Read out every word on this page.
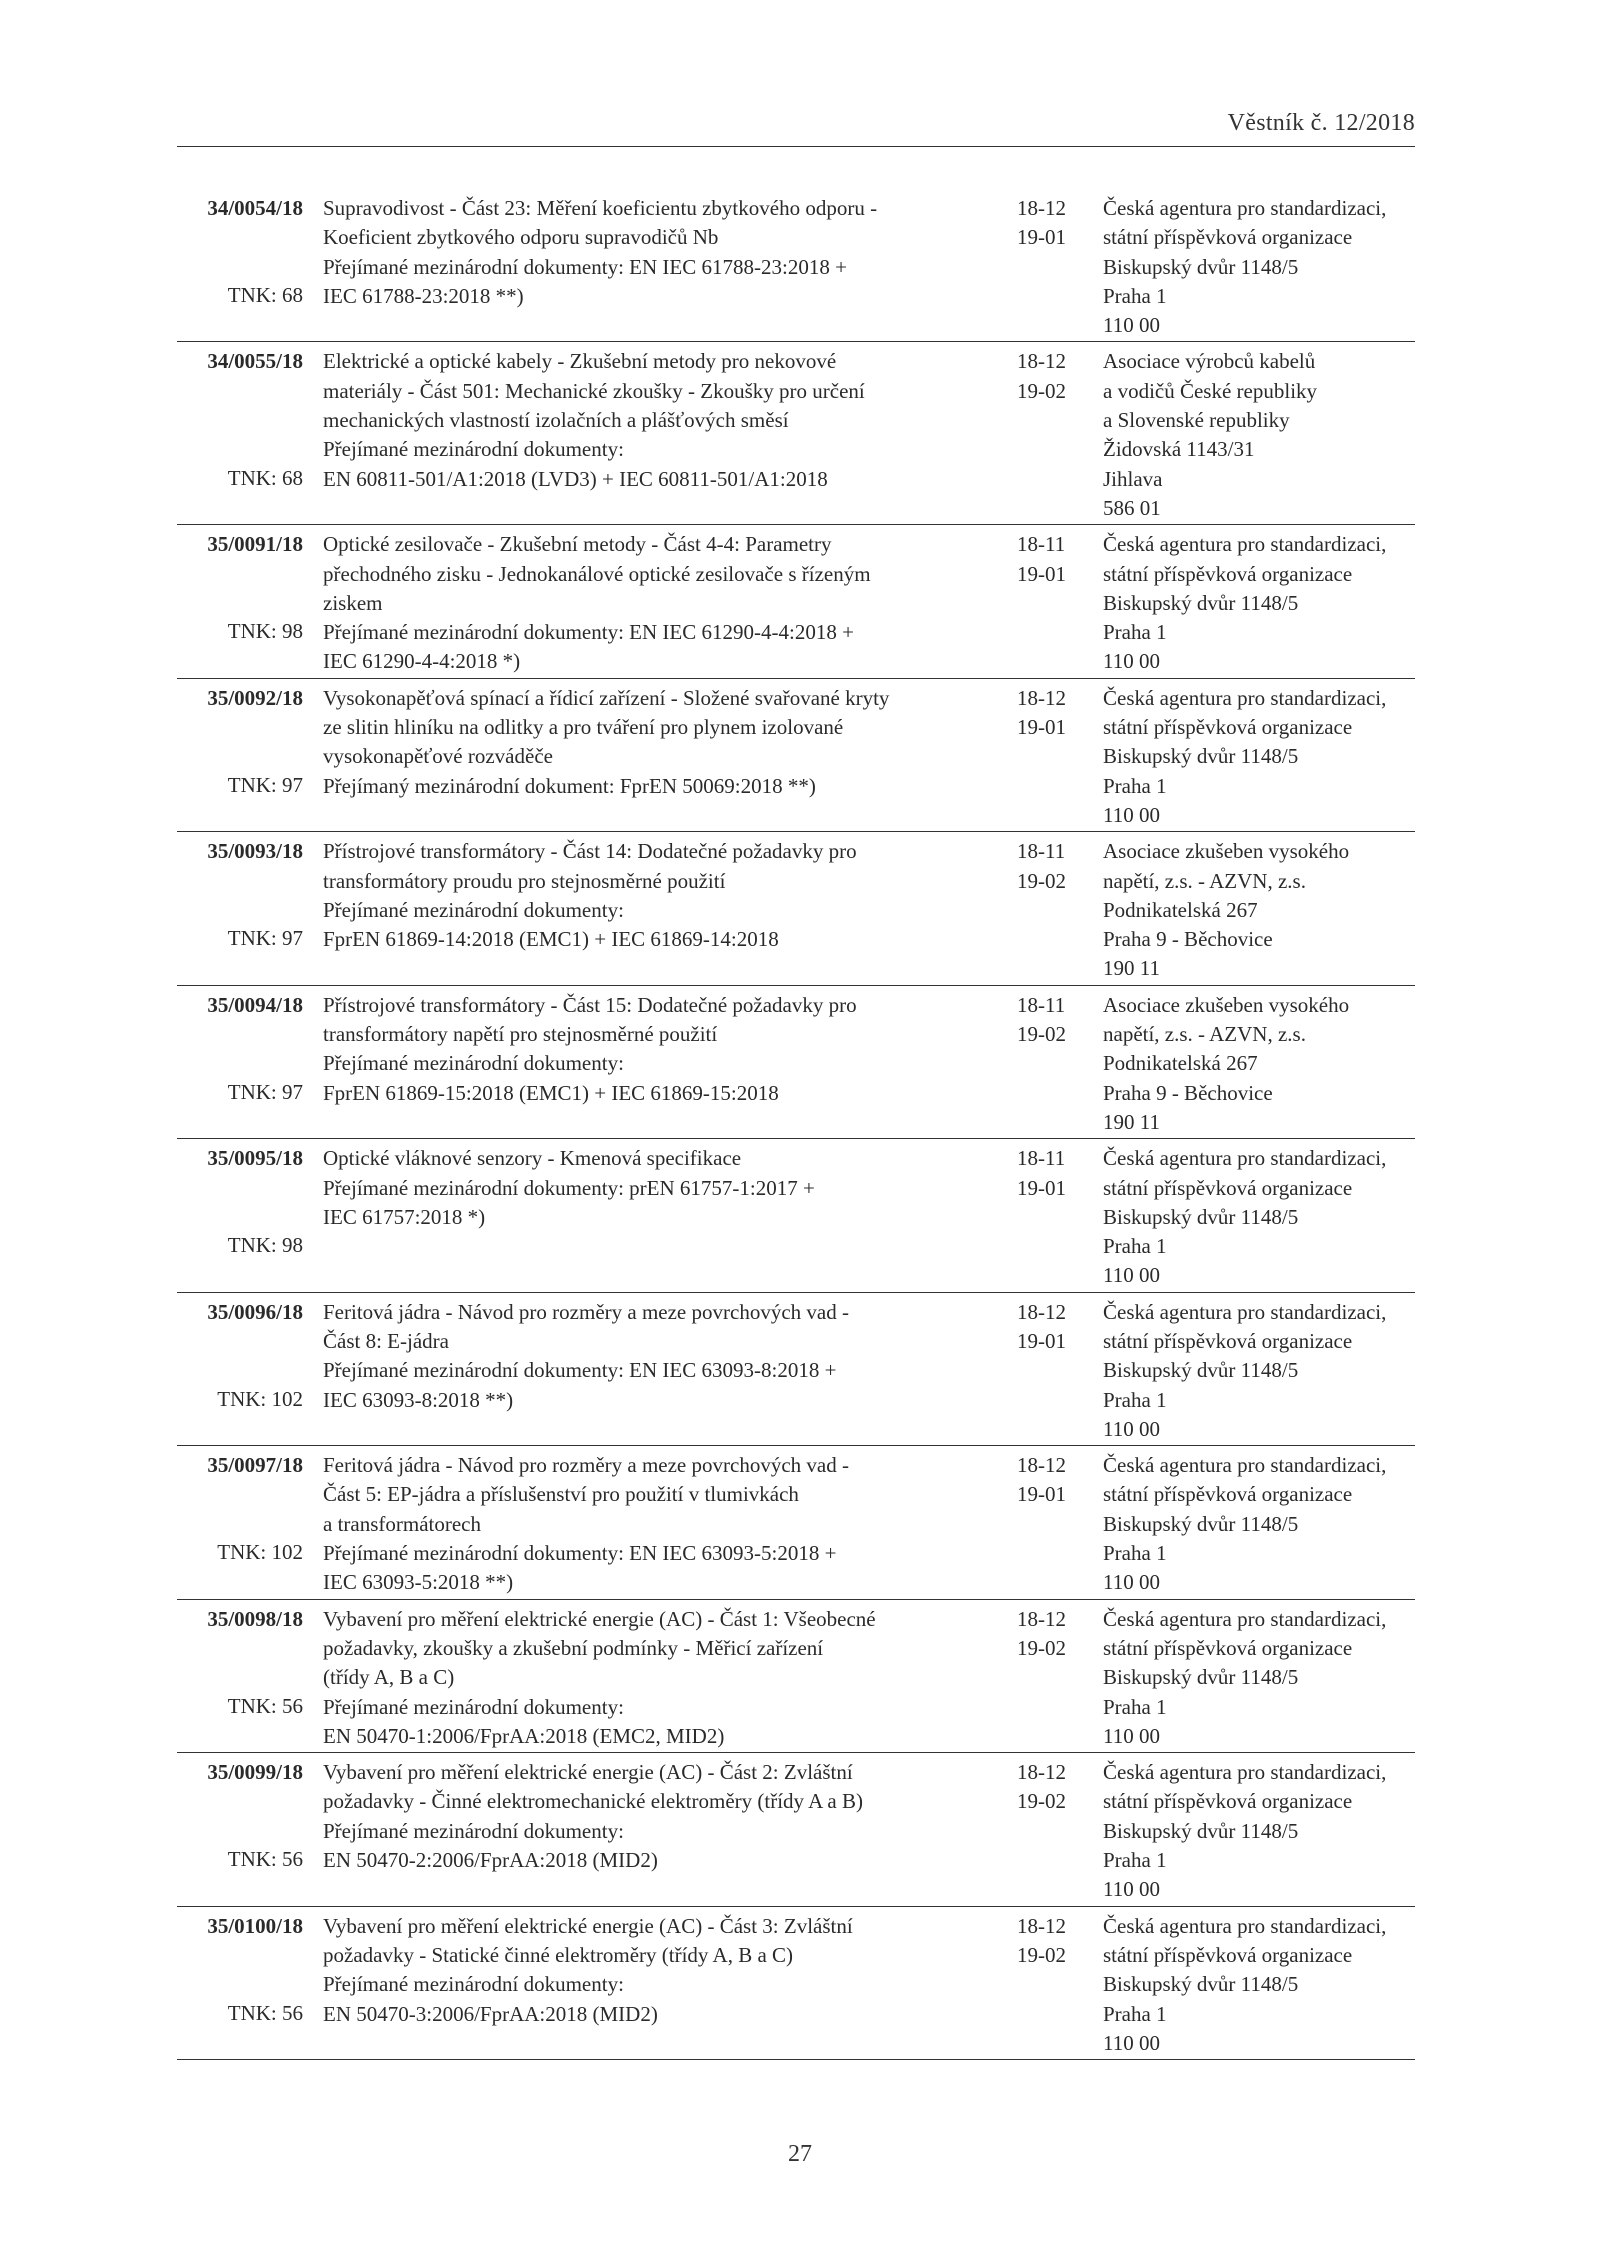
Věstník č. 12/2018
34/0054/18
TNK: 68
Supravodivost - Část 23: Měření koeficientu zbytkového odporu -
Koeficient zbytkového odporu supravodičů Nb
Přejímané mezinárodní dokumenty: EN IEC 61788-23:2018 +
IEC 61788-23:2018 **)
18-12
19-01
Česká agentura pro standardizaci,
státní příspěvková organizace
Biskupský dvůr 1148/5
Praha 1
110 00
34/0055/18
TNK: 68
Elektrické a optické kabely - Zkušební metody pro nekovové
materiály - Část 501: Mechanické zkoušky - Zkoušky pro určení
mechanických vlastností izolačních a plášťových směsí
Přejímané mezinárodní dokumenty:
EN 60811-501/A1:2018 (LVD3) + IEC 60811-501/A1:2018
18-12
19-02
Asociace výrobců kabelů
a vodičů České republiky
a Slovenské republiky
Židovská 1143/31
Jihlava
586 01
35/0091/18
TNK: 98
Optické zesilovače - Zkušební metody - Část 4-4: Parametry
přechodného zisku - Jednokanálové optické zesilovače s řízeným
ziskem
Přejímané mezinárodní dokumenty: EN IEC 61290-4-4:2018 +
IEC 61290-4-4:2018 *)
18-11
19-01
Česká agentura pro standardizaci,
státní příspěvková organizace
Biskupský dvůr 1148/5
Praha 1
110 00
35/0092/18
TNK: 97
Vysokonapěťová spínací a řídicí zařízení - Složené svařované kryty
ze slitin hliníku na odlitky a pro tváření pro plynem izolované
vysokonapěťové rozváděče
Přejímaný mezinárodní dokument: FprEN 50069:2018 **)
18-12
19-01
Česká agentura pro standardizaci,
státní příspěvková organizace
Biskupský dvůr 1148/5
Praha 1
110 00
35/0093/18
TNK: 97
Přístrojové transformátory - Část 14: Dodatečné požadavky pro
transformátory proudu pro stejnosměrné použití
Přejímané mezinárodní dokumenty:
FprEN 61869-14:2018 (EMC1) + IEC 61869-14:2018
18-11
19-02
Asociace zkušeben vysokého
napětí, z.s. - AZVN, z.s.
Podnikatelská 267
Praha 9 - Běchovice
190 11
35/0094/18
TNK: 97
Přístrojové transformátory - Část 15: Dodatečné požadavky pro
transformátory napětí pro stejnosměrné použití
Přejímané mezinárodní dokumenty:
FprEN 61869-15:2018 (EMC1) + IEC 61869-15:2018
18-11
19-02
Asociace zkušeben vysokého
napětí, z.s. - AZVN, z.s.
Podnikatelská 267
Praha 9 - Běchovice
190 11
35/0095/18
TNK: 98
Optické vláknové senzory - Kmenová specifikace
Přejímané mezinárodní dokumenty: prEN 61757-1:2017 +
IEC 61757:2018 *)
18-11
19-01
Česká agentura pro standardizaci,
státní příspěvková organizace
Biskupský dvůr 1148/5
Praha 1
110 00
35/0096/18
TNK: 102
Feritová jádra - Návod pro rozměry a meze povrchových vad -
Část 8: E-jádra
Přejímané mezinárodní dokumenty: EN IEC 63093-8:2018 +
IEC 63093-8:2018 **)
18-12
19-01
Česká agentura pro standardizaci,
státní příspěvková organizace
Biskupský dvůr 1148/5
Praha 1
110 00
35/0097/18
TNK: 102
Feritová jádra - Návod pro rozměry a meze povrchových vad -
Část 5: EP-jádra a příslušenství pro použití v tlumivkách
a transformátorech
Přejímané mezinárodní dokumenty: EN IEC 63093-5:2018 +
IEC 63093-5:2018 **)
18-12
19-01
Česká agentura pro standardizaci,
státní příspěvková organizace
Biskupský dvůr 1148/5
Praha 1
110 00
35/0098/18
TNK: 56
Vybavení pro měření elektrické energie (AC) - Část 1: Všeobecné
požadavky, zkoušky a zkušební podmínky - Měřicí zařízení
(třídy A, B a C)
Přejímané mezinárodní dokumenty:
EN 50470-1:2006/FprAA:2018 (EMC2, MID2)
18-12
19-02
Česká agentura pro standardizaci,
státní příspěvková organizace
Biskupský dvůr 1148/5
Praha 1
110 00
35/0099/18
TNK: 56
Vybavení pro měření elektrické energie (AC) - Část 2: Zvláštní
požadavky - Činné elektromechanické elektroměry (třídy A a B)
Přejímané mezinárodní dokumenty:
EN 50470-2:2006/FprAA:2018 (MID2)
18-12
19-02
Česká agentura pro standardizaci,
státní příspěvková organizace
Biskupský dvůr 1148/5
Praha 1
110 00
35/0100/18
TNK: 56
Vybavení pro měření elektrické energie (AC) - Část 3: Zvláštní
požadavky - Statické činné elektroměry (třídy A, B a C)
Přejímané mezinárodní dokumenty:
EN 50470-3:2006/FprAA:2018 (MID2)
18-12
19-02
Česká agentura pro standardizaci,
státní příspěvková organizace
Biskupský dvůr 1148/5
Praha 1
110 00
27
